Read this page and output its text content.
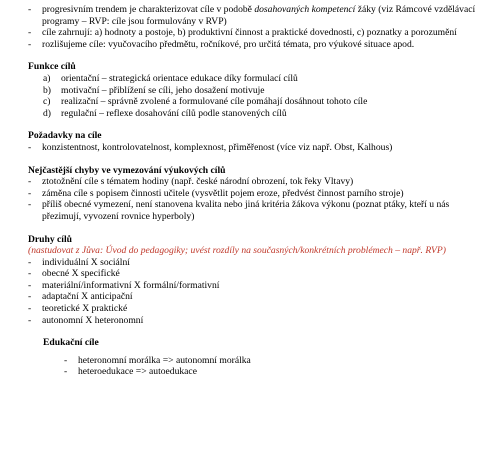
-	progresivním trendem je charakterizovat cíle v podobě dosahovaných kompetencí žáky (viz Rámcové vzdělávací programy – RVP: cíle jsou formulovány v RVP)
-	cíle zahrnují: a) hodnoty a postoje, b) produktivní činnost a praktické dovednosti, c) poznatky a porozumění
-	rozlišujeme cíle: vyučovacího předmětu, ročníkové, pro určitá témata, pro výukové situace apod.
Funkce cílů
a)	orientační – strategická orientace edukace díky formulací cílů
b)	motivační – přiblížení se cíli, jeho dosažení motivuje
c)	realizační – správně zvolené a formulované cíle pomáhají dosáhnout tohoto cíle
d)	regulační – reflexe dosahování cílů podle stanovených cílů
Požadavky na cíle
-	konzistentnost, kontrolovatelnost, komplexnost, přiměřenost (více viz např. Obst, Kalhous)
Nejčastější chyby ve vymezování výukových cílů
-	ztotožnění cíle s tématem hodiny (např. české národní obrození, tok řeky Vltavy)
-	záměna cíle s popisem činnosti učitele (vysvětlit pojem eroze, předvést činnost parního stroje)
-	příliš obecné vymezení, není stanovena kvalita nebo jiná kritéria žákova výkonu (poznat ptáky, kteří u nás přezimují, vyvození rovnice hyperboly)
Druhy cílů
(nastudovat z Jůva: Úvod do pedagogiky; uvést rozdíly na současných/konkrétních problémech – např. RVP)
-	individuální X sociální
-	obecné X specifické
-	materiální/informativní X formální/formativní
-	adaptační X anticipační
-	teoretické X praktické
-	autonomní X heteronomní
Edukační cíle
-	heteronomní morálka => autonomní morálka
-	heteroedukace => autoedukace
